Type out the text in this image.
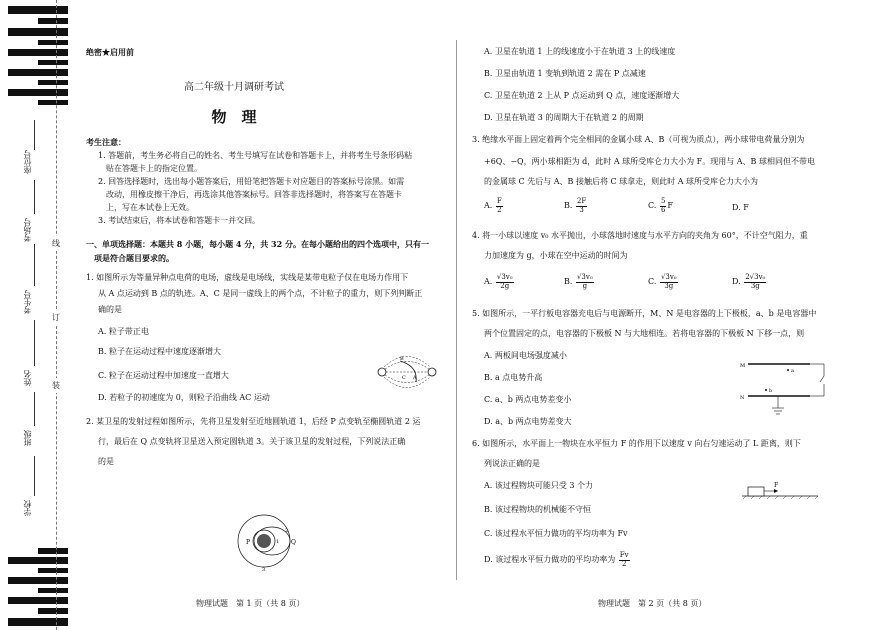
座位号
考场号
考生号
姓名
班级
学校
线
订
装
绝密★启用前
高二年级十月调研考试
物　理
考生注意：
1. 答题前，考生务必将自己的姓名、考生号填写在试卷和答题卡上，并将考生号条形码粘
　贴在答题卡上的指定位置。
2. 回答选择题时，选出每小题答案后，用铅笔把答题卡对应题目的答案标号涂黑。如需
　改动，用橡皮擦干净后，再选涂其他答案标号。回答非选择题时，将答案写在答题卡
　上，写在本试卷上无效。
3. 考试结束后，将本试卷和答题卡一并交回。
一、单项选择题：本题共 8 小题，每小题 4 分，共 32 分。在每小题给出的四个选项中，只有一
　项是符合题目要求的。
1. 如图所示为等量异种点电荷的电场，虚线是电场线，实线是某带电粒子仅在电场力作用下
从 A 点运动到 B 点的轨迹。A、C 是同一虚线上的两个点，不计粒子的重力，则下列判断正
确的是
A. 粒子带正电
B. 粒子在运动过程中速度逐渐增大
C. 粒子在运动过程中加速度一直增大
D. 若粒子的初速度为 0，则粒子沿曲线 AC 运动
B
A
C
2. 某卫星的发射过程如图所示，先将卫星发射至近地圆轨道 1，后经 P 点变轨至椭圆轨道 2 运
行，最后在 Q 点变轨将卫星送入预定圆轨道 3。关于该卫星的发射过程，下列说法正确
的是
P	Q
1
2
3
物理试题　第 1 页（共 8 页）
A. 卫星在轨道 1 上的线速度小于在轨道 3 上的线速度
B. 卫星由轨道 1 变轨到轨道 2 需在 P 点减速
C. 卫星在轨道 2 上从 P 点运动到 Q 点，速度逐渐增大
D. 卫星在轨道 3 的周期大于在轨道 2 的周期
3. 绝缘水平面上固定着两个完全相同的金属小球 A、B（可视为质点），两小球带电荷量分别为
+6Q、−Q，两小球相距为 d，此时 A 球所受库仑力大小为 F。现用与 A、B 球相同但不带电
的金属球 C 先后与 A、B 接触后将 C 球拿走，则此时 A 球所受库仑力大小为
A. $\frac{F}{2}$	B. $\frac{2F}{3}$	C. $\frac{5}{6}$ F	D. F
4. 将一小球以速度 v₀ 水平抛出，小球落地时速度与水平方向的夹角为 60°，不计空气阻力，重
力加速度为 g，小球在空中运动的时间为
A. $\frac{\text{√3v₀}}{2g}$	B. $\frac{\text{√3v₀}}{g}$	C. $\frac{\text{√3v₀}}{3g}$	D. $\frac{\text{2√3v₀}}{3g}$
5. 如图所示，一平行板电容器充电后与电源断开，M、N 是电容器的上下极板，a、b 是电容器中
两个位置固定的点，电容器的下极板 N 与大地相连。若将电容器的下极板 N 下移一点，则
A. 两板间电场强度减小
B. a 点电势升高
C. a、b 两点电势差变小
D. a、b 两点电势差变大
M
N
a
b
6. 如图所示，水平面上一物块在水平恒力 F 的作用下以速度 v 向右匀速运动了 L 距离，则下
列说法正确的是
A. 该过程物块可能只受 3 个力
B. 该过程物块的机械能不守恒
C. 该过程水平恒力做功的平均功率为 Fv
D. 该过程水平恒力做功的平均功率为 $\frac{Fv}{2}$
F
物理试题　第 2 页（共 8 页）
